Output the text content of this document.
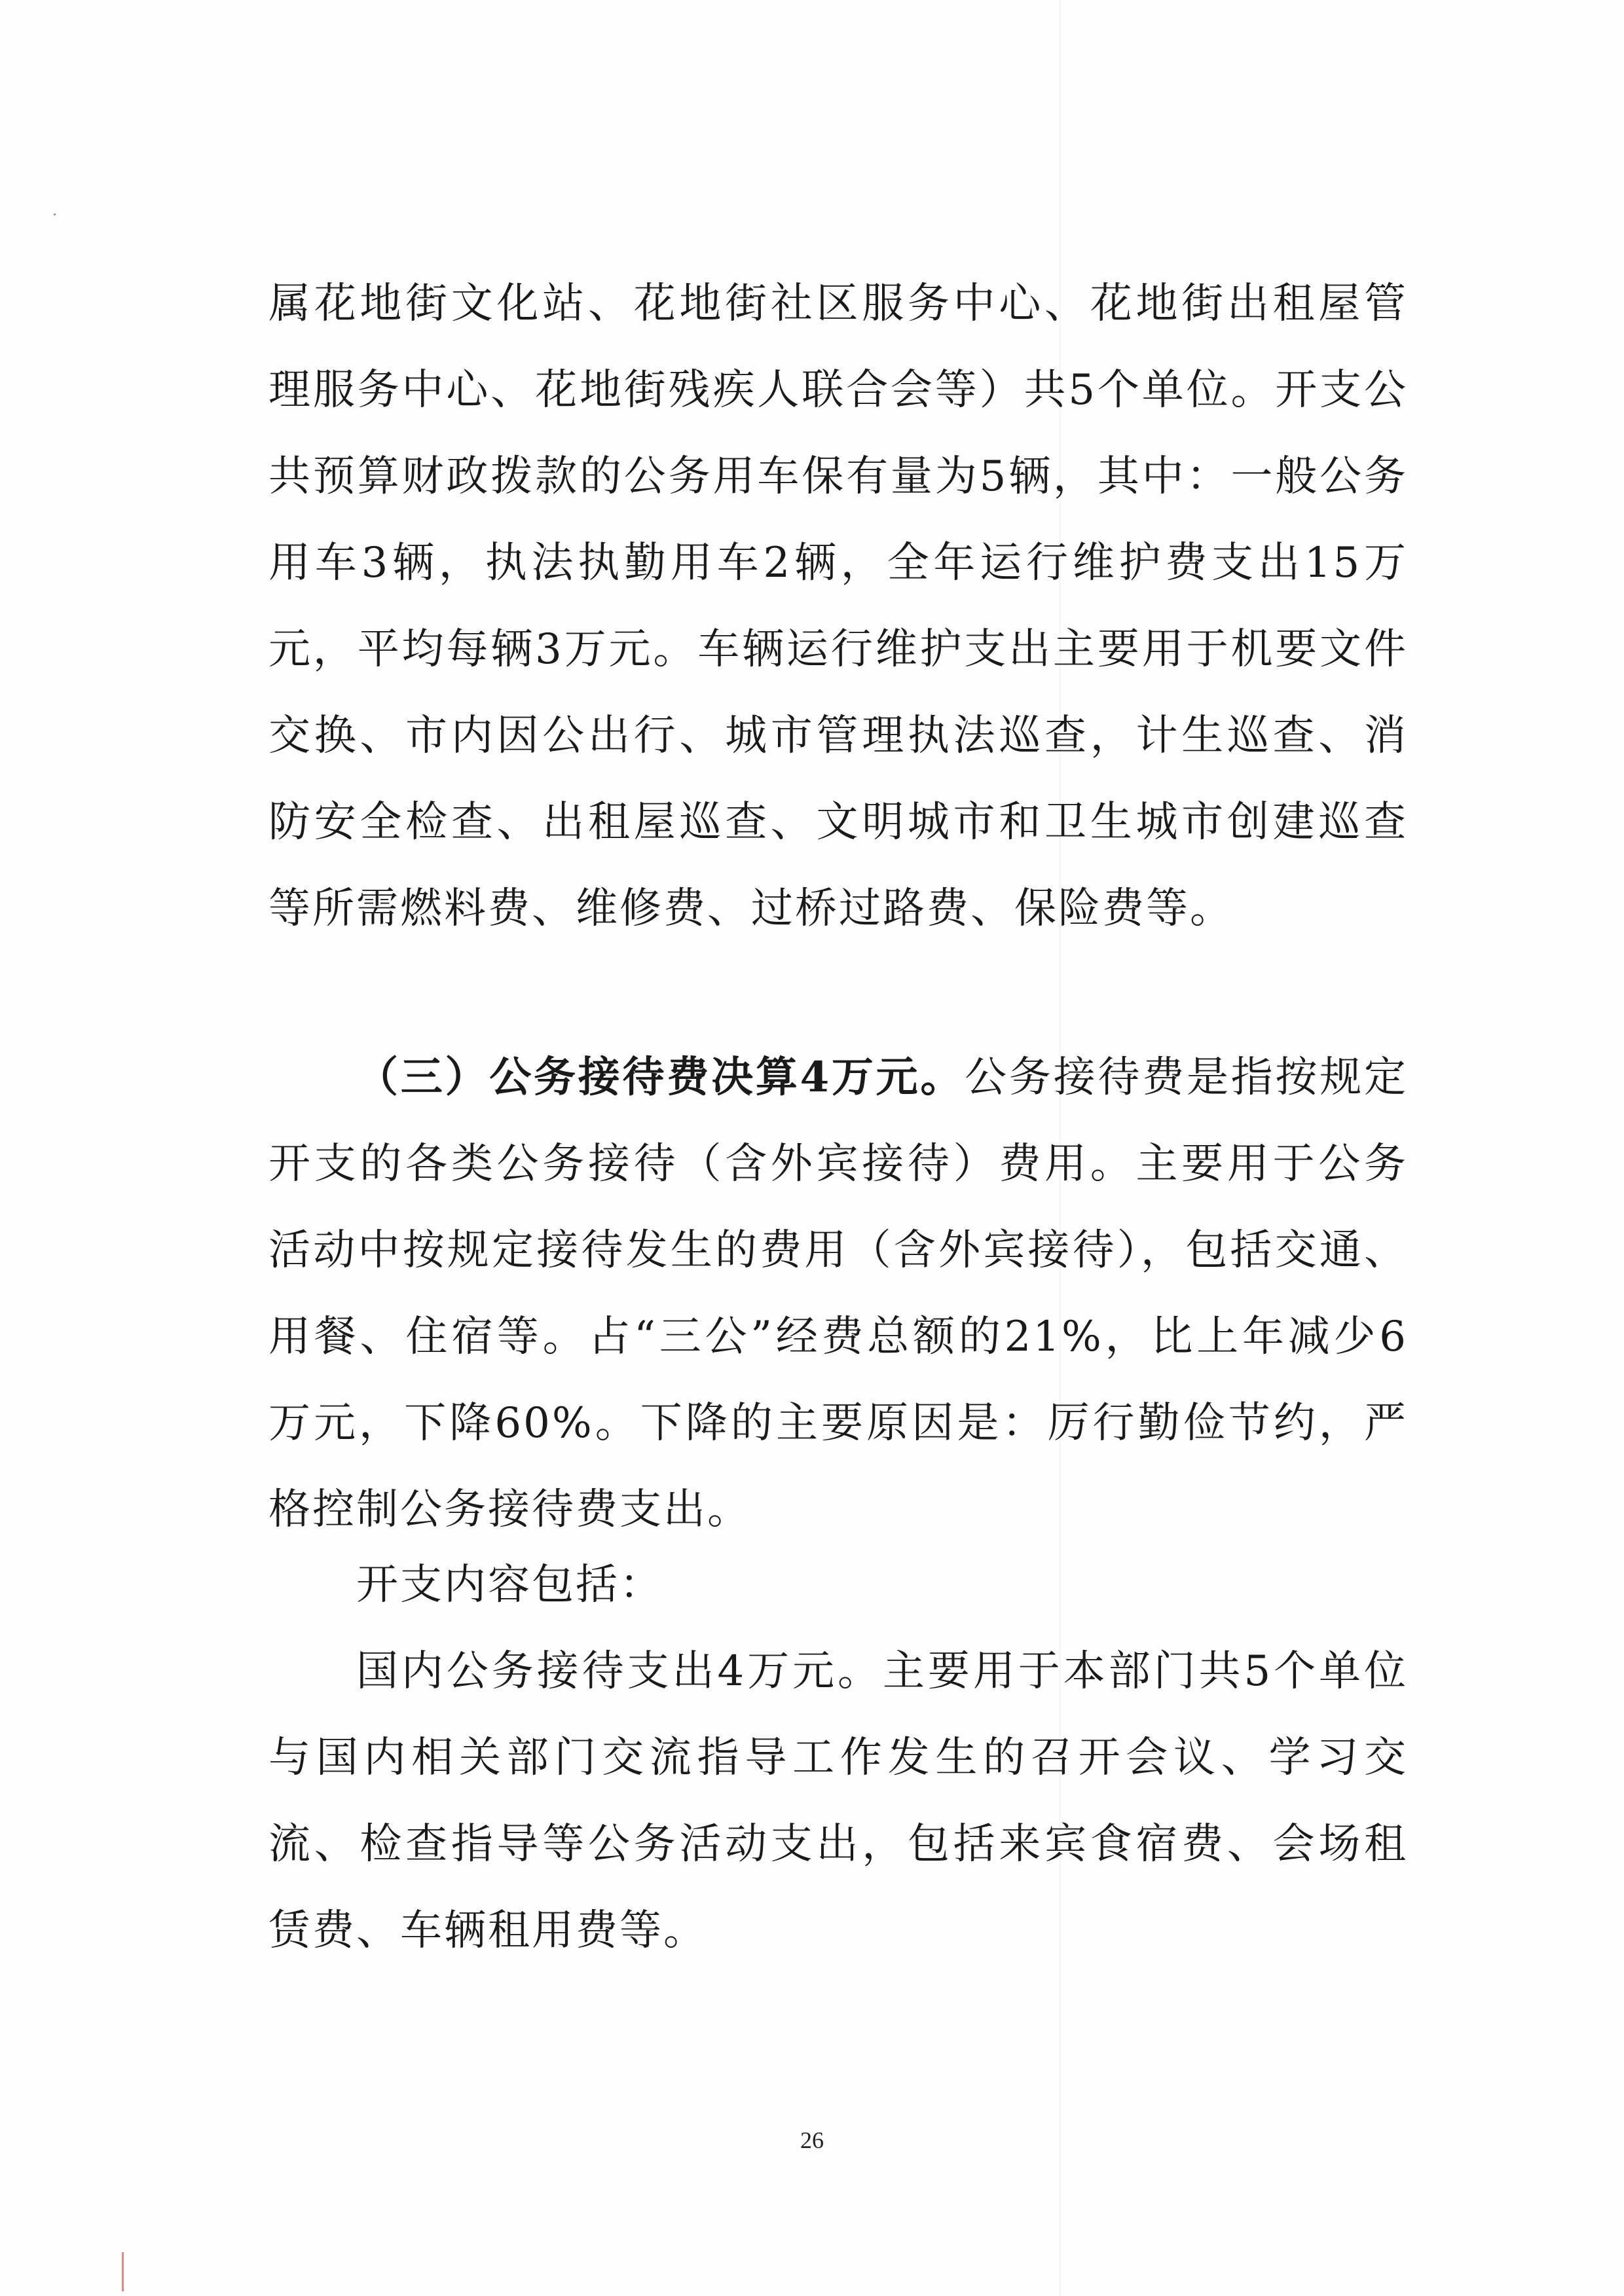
属花地街文化站、花地街社区服务中心、花地街出租屋管理服务中心、花地街残疾人联合会等）共5个单位。开支公共预算财政拨款的公务用车保有量为5辆，其中：一般公务用车3辆，执法执勤用车2辆，全年运行维护费支出15万元，平均每辆3万元。车辆运行维护支出主要用于机要文件交换、市内因公出行、城市管理执法巡查，计生巡查、消防安全检查、出租屋巡查、文明城市和卫生城市创建巡查等所需燃料费、维修费、过桥过路费、保险费等。

（三）公务接待费决算4万元。公务接待费是指按规定开支的各类公务接待（含外宾接待）费用。主要用于公务活动中按规定接待发生的费用（含外宾接待），包括交通、用餐、住宿等。占“三公”经费总额的21%，比上年减少6万元，下降60%。下降的主要原因是：厉行勤俭节约，严格控制公务接待费支出。

开支内容包括：

国内公务接待支出4万元。主要用于本部门共5个单位与国内相关部门交流指导工作发生的召开会议、学习交流、检查指导等公务活动支出，包括来宾食宿费、会场租赁费、车辆租用费等。

26
